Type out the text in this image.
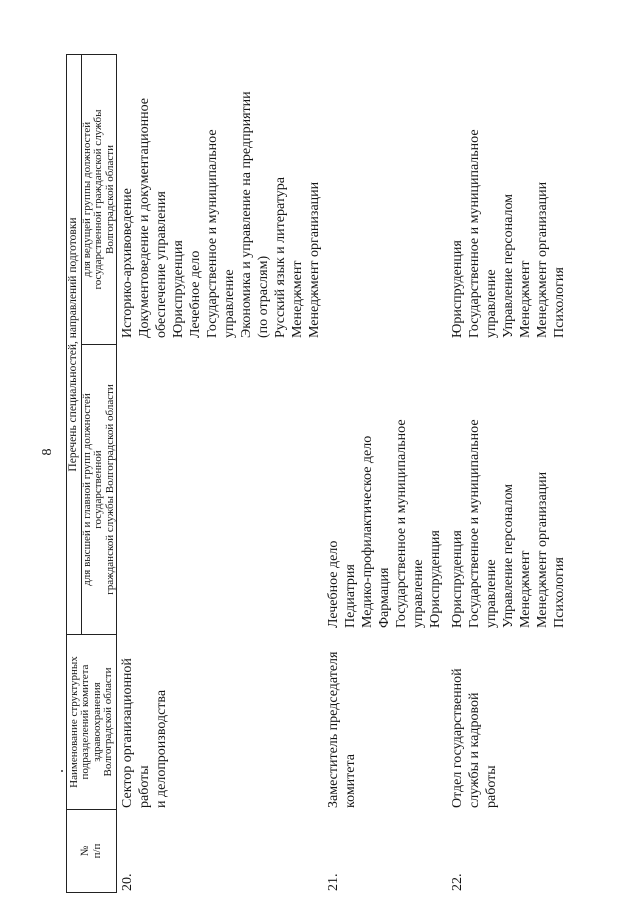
8
№ п/п
Наименование структурных подразделений комитета здравоохранения Волгоградской области
Перечень специальностей, направлений подготовки
для высшей и главной групп должностей государственной гражданской службы Волгоградской области
для ведущей группы должностей государственной гражданской службы Волгоградской области
20.
Сектор организационной работы и делопроизводства
Историко-архивоведение Документоведение и документационное обеспечение управления Юриспруденция Лечебное дело Государственное и муниципальное управление Экономика и управление на предприятии (по отраслям) Русский язык и литература Менеджмент Менеджмент организации
21.
Заместитель председателя комитета
Лечебное дело Педиатрия Медико-профилактическое дело Фармация Государственное и муниципальное управление Юриспруденция
22.
Отдел государственной службы и кадровой работы
Юриспруденция Государственное и муниципальное управление Управление персоналом Менеджмент Менеджмент организации Психология
Юриспруденция Государственное и муниципальное управление Управление персоналом Менеджмент Менеджмент организации Психология
